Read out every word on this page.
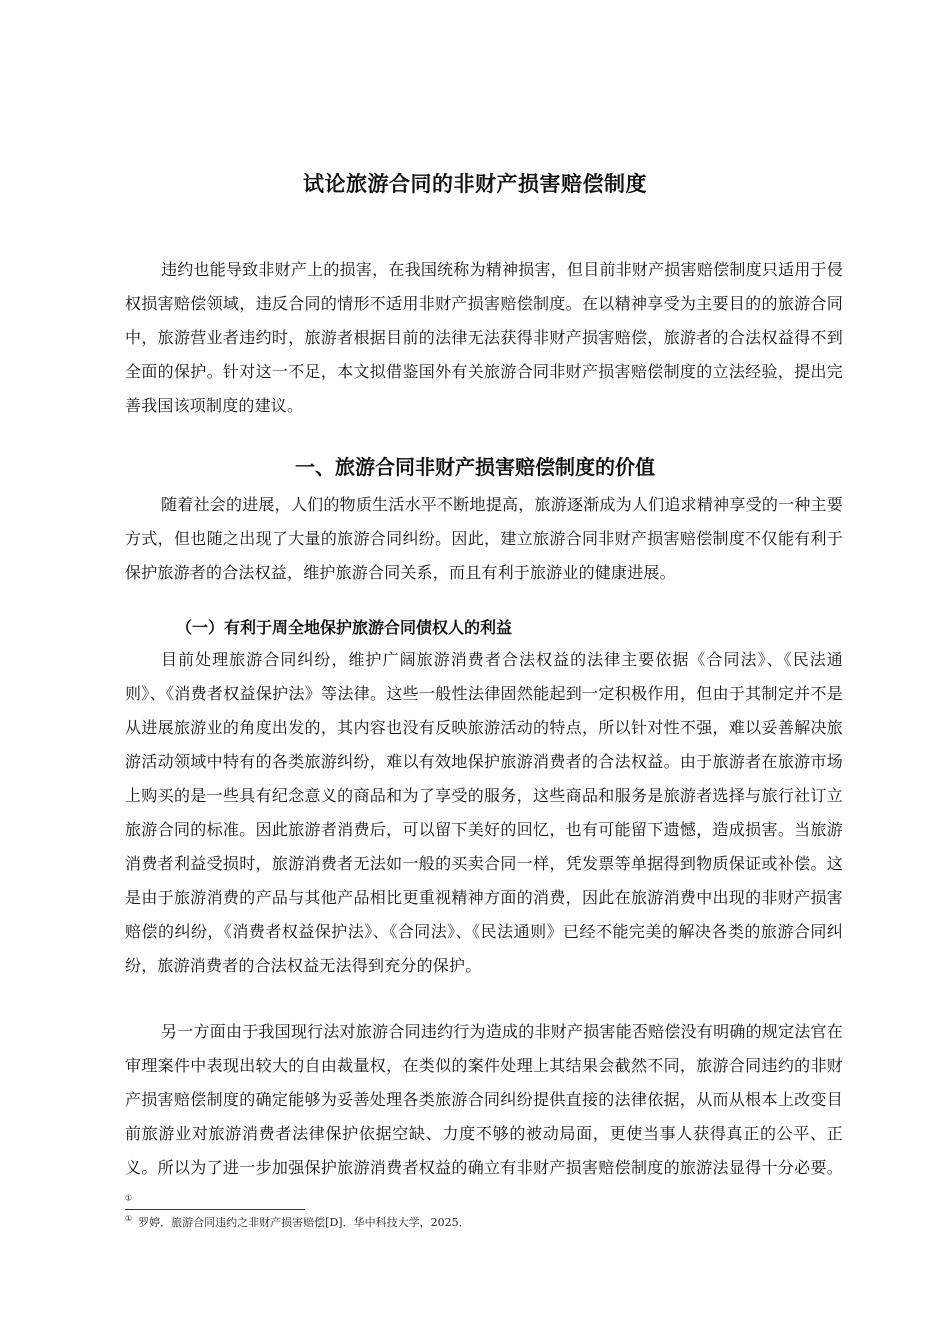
试论旅游合同的非财产损害赔偿制度

违约也能导致非财产上的损害，在我国统称为精神损害，但目前非财产损害赔偿制度只适用于侵权损害赔偿领域，违反合同的情形不适用非财产损害赔偿制度。在以精神享受为主要目的的旅游合同中，旅游营业者违约时，旅游者根据目前的法律无法获得非财产损害赔偿，旅游者的合法权益得不到全面的保护。针对这一不足，本文拟借鉴国外有关旅游合同非财产损害赔偿制度的立法经验，提出完善我国该项制度的建议。

一、旅游合同非财产损害赔偿制度的价值

随着社会的进展，人们的物质生活水平不断地提高，旅游逐渐成为人们追求精神享受的一种主要方式，但也随之出现了大量的旅游合同纠纷。因此，建立旅游合同非财产损害赔偿制度不仅能有利于保护旅游者的合法权益，维护旅游合同关系，而且有利于旅游业的健康进展。

（一）有利于周全地保护旅游合同债权人的利益

目前处理旅游合同纠纷，维护广阔旅游消费者合法权益的法律主要依据《合同法》、《民法通则》、《消费者权益保护法》等法律。这些一般性法律固然能起到一定积极作用，但由于其制定并不是从进展旅游业的角度出发的，其内容也没有反映旅游活动的特点，所以针对性不强，难以妥善解决旅游活动领域中特有的各类旅游纠纷，难以有效地保护旅游消费者的合法权益。由于旅游者在旅游市场上购买的是一些具有纪念意义的商品和为了享受的服务，这些商品和服务是旅游者选择与旅行社订立旅游合同的标准。因此旅游者消费后，可以留下美好的回忆，也有可能留下遗憾，造成损害。当旅游消费者利益受损时，旅游消费者无法如一般的买卖合同一样，凭发票等单据得到物质保证或补偿。这是由于旅游消费的产品与其他产品相比更重视精神方面的消费，因此在旅游消费中出现的非财产损害赔偿的纠纷，《消费者权益保护法》、《合同法》、《民法通则》已经不能完美的解决各类的旅游合同纠纷，旅游消费者的合法权益无法得到充分的保护。

另一方面由于我国现行法对旅游合同违约行为造成的非财产损害能否赔偿没有明确的规定法官在审理案件中表现出较大的自由裁量权，在类似的案件处理上其结果会截然不同，旅游合同违约的非财产损害赔偿制度的确定能够为妥善处理各类旅游合同纠纷提供直接的法律依据，从而从根本上改变目前旅游业对旅游消费者法律保护依据空缺、力度不够的被动局面，更使当事人获得真正的公平、正义。所以为了进一步加强保护旅游消费者权益的确立有非财产损害赔偿制度的旅游法显得十分必要。①

① 罗婷．旅游合同违约之非财产损害赔偿[D]．华中科技大学，2025．
